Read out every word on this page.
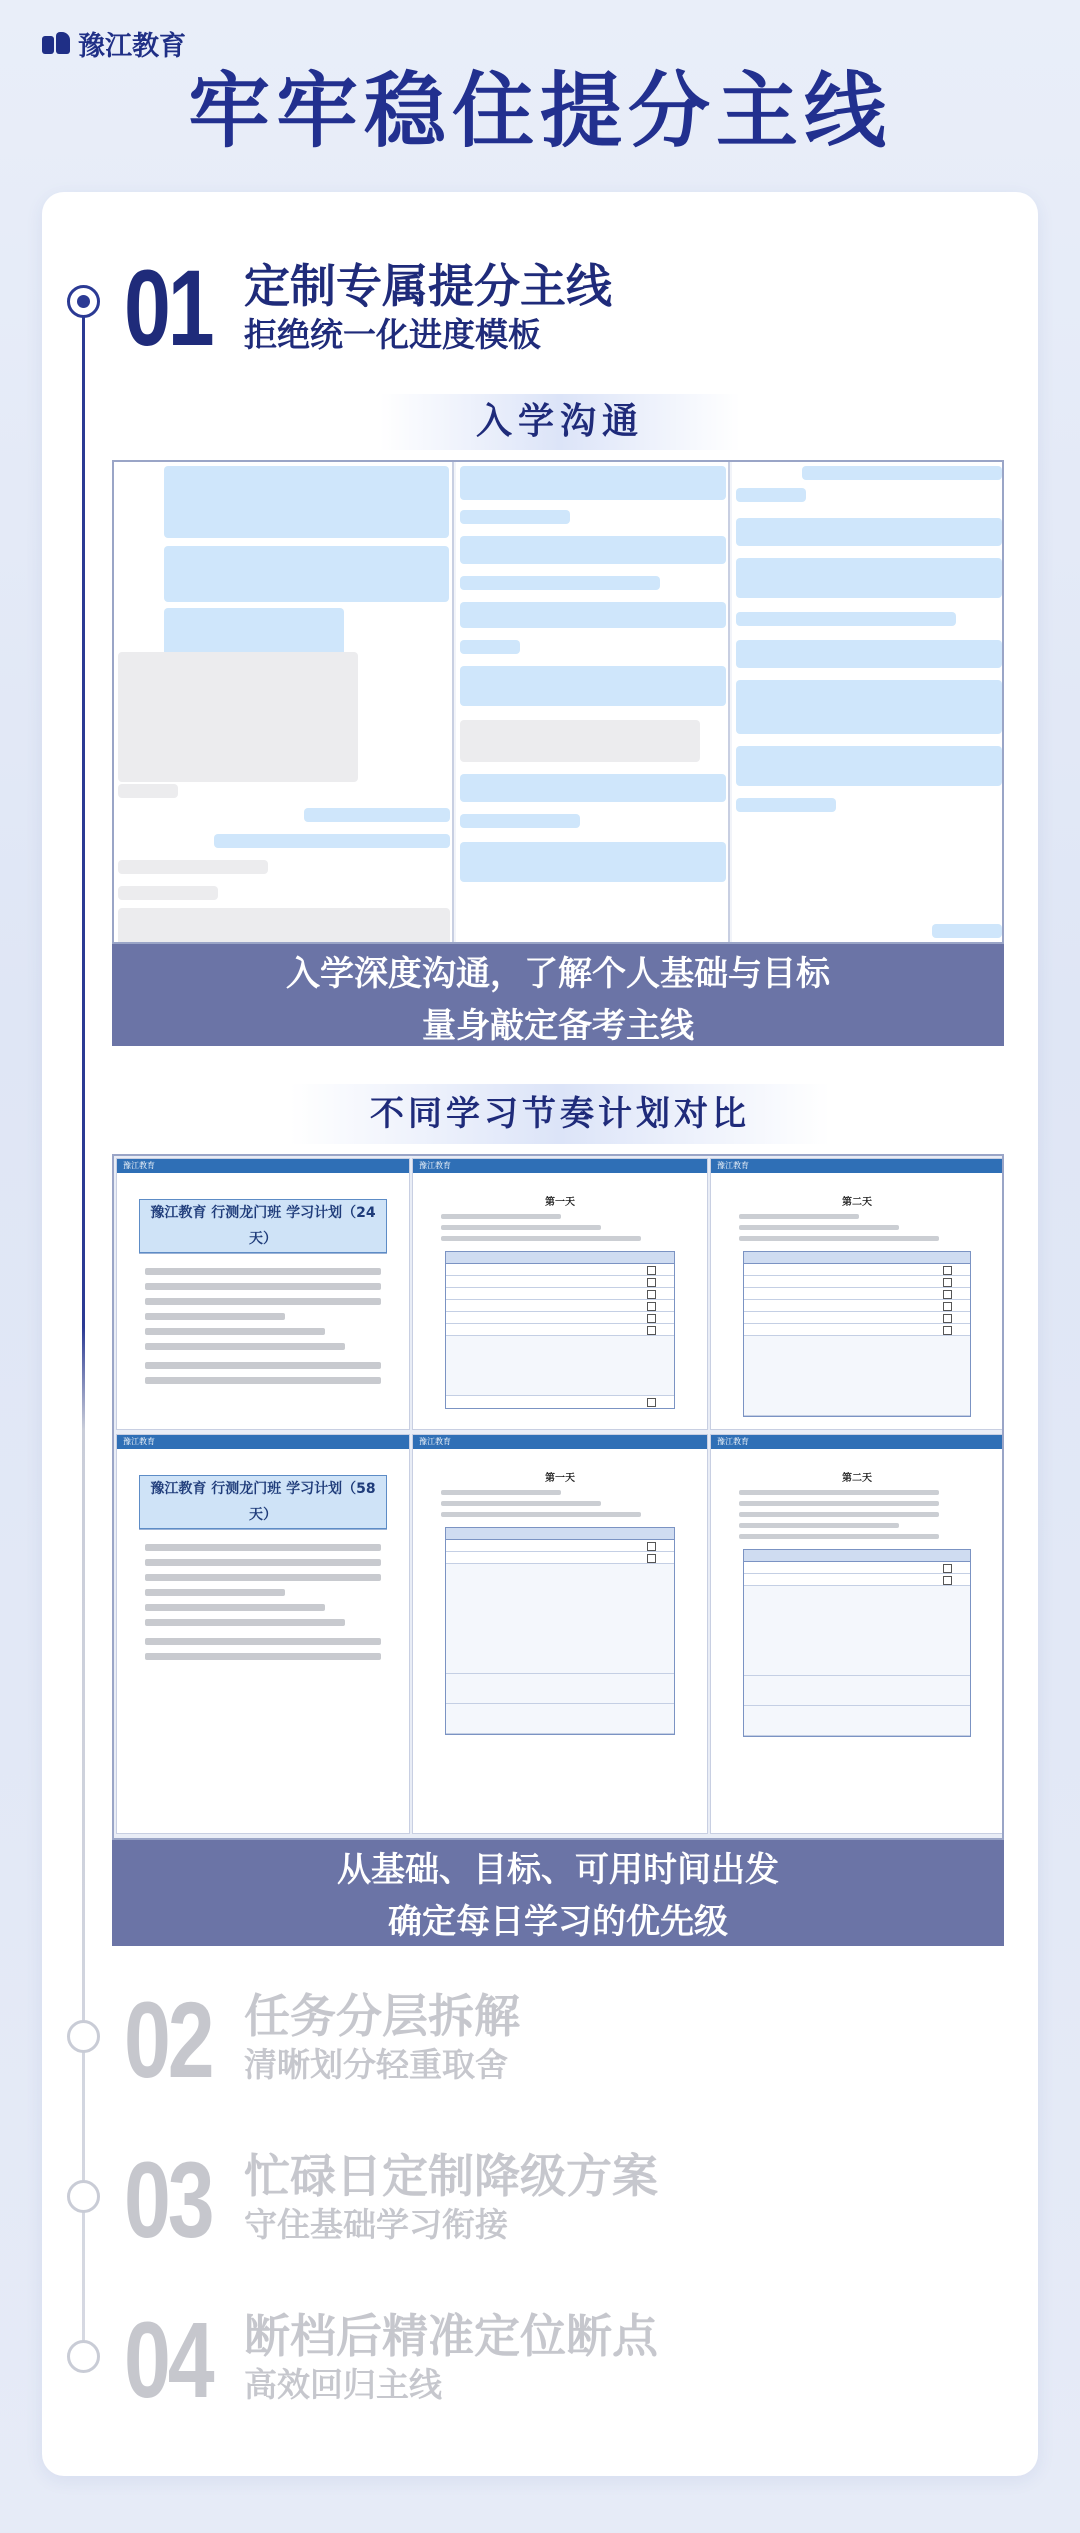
豫江教育
牢牢稳住提分主线
01 定制专属提分主线
拒绝统一化进度模板
入学沟通
入学深度沟通，了解个人基础与目标
量身敲定备考主线
不同学习节奏计划对比
豫江教育
豫江教育 行测龙门班 学习计划（24天）
豫江教育
第一天
豫江教育
第二天
豫江教育
豫江教育 行测龙门班 学习计划（58天）
豫江教育
第一天
豫江教育
第二天
从基础、目标、可用时间出发
确定每日学习的优先级
02 任务分层拆解
清晰划分轻重取舍
03 忙碌日定制降级方案
守住基础学习衔接
04 断档后精准定位断点
高效回归主线
